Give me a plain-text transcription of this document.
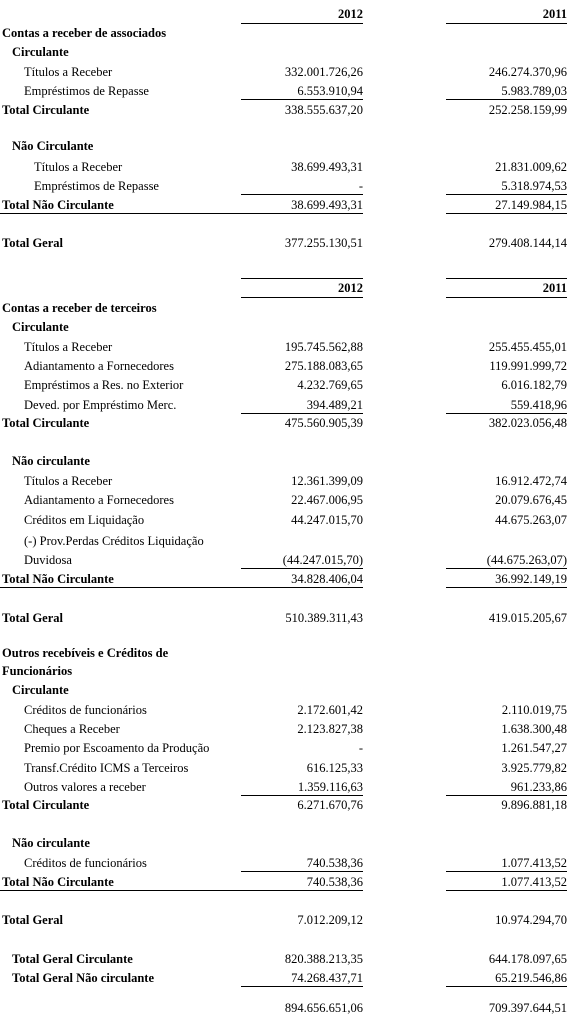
2012	2011
Contas a receber de associados
Circulante
Títulos a Receber	332.001.726,26	246.274.370,96
Empréstimos de Repasse	6.553.910,94	5.983.789,03
Total Circulante	338.555.637,20	252.258.159,99
Não Circulante
Títulos a Receber	38.699.493,31	21.831.009,62
Empréstimos de Repasse	-	5.318.974,53
Total Não Circulante	38.699.493,31	27.149.984,15
Total Geral	377.255.130,51	279.408.144,14
2012	2011
Contas a receber de terceiros
Circulante
Títulos a Receber	195.745.562,88	255.455.455,01
Adiantamento a Fornecedores	275.188.083,65	119.991.999,72
Empréstimos a Res. no Exterior	4.232.769,65	6.016.182,79
Deved. por Empréstimo Merc.	394.489,21	559.418,96
Total Circulante	475.560.905,39	382.023.056,48
Não circulante
Títulos a Receber	12.361.399,09	16.912.472,74
Adiantamento a Fornecedores	22.467.006,95	20.079.676,45
Créditos em Liquidação	44.247.015,70	44.675.263,07
(-) Prov.Perdas Créditos Liquidação
Duvidosa	(44.247.015,70)	(44.675.263,07)
Total Não Circulante	34.828.406,04	36.992.149,19
Total Geral	510.389.311,43	419.015.205,67
Outros recebíveis e Créditos de
Funcionários
Circulante
Créditos de funcionários	2.172.601,42	2.110.019,75
Cheques a Receber	2.123.827,38	1.638.300,48
Premio por Escoamento da Produção	-	1.261.547,27
Transf.Crédito ICMS a Terceiros	616.125,33	3.925.779,82
Outros valores a receber	1.359.116,63	961.233,86
Total Circulante	6.271.670,76	9.896.881,18
Não circulante
Créditos de funcionários	740.538,36	1.077.413,52
Total Não Circulante	740.538,36	1.077.413,52
Total Geral	7.012.209,12	10.974.294,70
Total Geral Circulante	820.388.213,35	644.178.097,65
Total Geral Não circulante	74.268.437,71	65.219.546,86
894.656.651,06	709.397.644,51
